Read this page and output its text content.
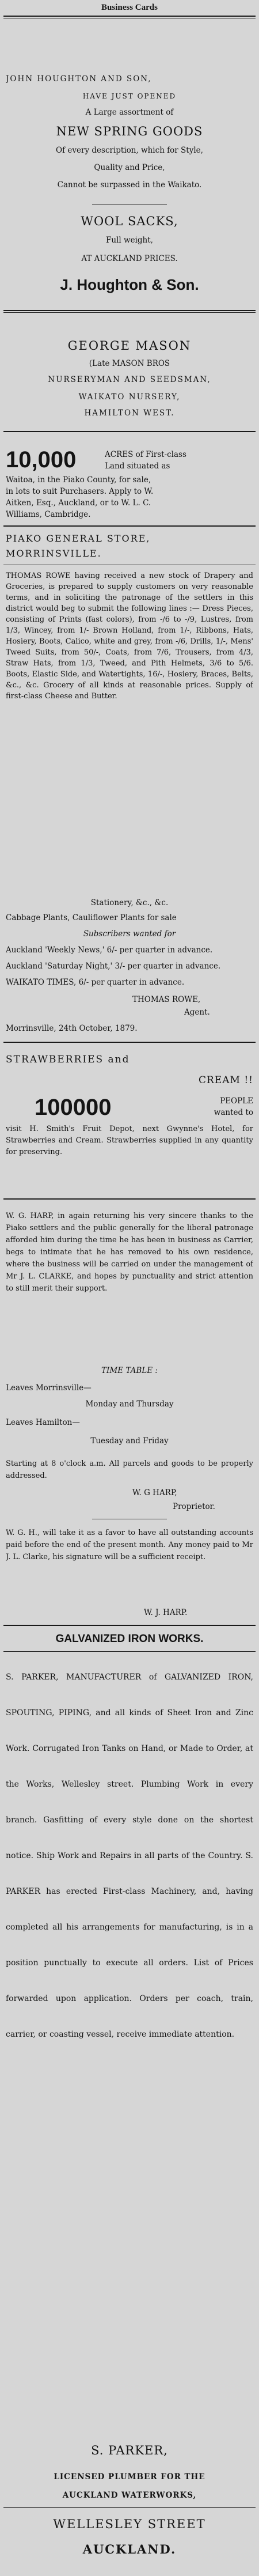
Business Cards
JOHN HOUGHTON AND SON,
HAVE JUST OPENED
A Large assortment of
NEW SPRING GOODS
Of every description, which for Style,
Quality and Price,
Cannot be surpassed in the Waikato.
WOOL SACKS,
Full weight,
AT AUCKLAND PRICES.
J. Houghton & Son.
GEORGE MASON
(Late MASON BROS
NURSERYMAN AND SEEDSMAN,
WAIKATO NURSERY,
HAMILTON WEST.
10,000	ACRES of First-class
Land situated as
Waitoa, in the Piako County, for sale,
in lots to suit Purchasers. Apply to W.
Aitken, Esq., Auckland, or to W. L. C.
Williams, Cambridge.
PIAKO GENERAL STORE,
MORRINSVILLE.
THOMAS ROWE having received a new stock of Drapery and Groceries, is prepared to supply customers on very reasonable terms, and in soliciting the patronage of the settlers in this district would beg to submit the following lines :— Dress Pieces, consisting of Prints (fast colors), from -/6 to -/9, Lustres, from 1/3, Wincey, from 1/- Brown Holland, from 1/-, Ribbons, Hats, Hosiery, Boots, Calico, white and grey, from -/6, Drills, 1/-, Mens' Tweed Suits, from 50/-, Coats, from 7/6, Trousers, from 4/3, Straw Hats, from 1/3, Tweed, and Pith Helmets, 3/6 to 5/6. Boots, Elastic Side, and Watertights, 16/-, Hosiery, Braces, Belts, &c., &c. Grocery of all kinds at reasonable prices. Supply of first-class Cheese and Butter.
Stationery, &c., &c.
Cabbage Plants, Cauliflower Plants for sale
Subscribers wanted for
Auckland 'Weekly News,' 6/- per quarter in advance.
Auckland 'Saturday Night,' 3/- per quarter in advance.
WAIKATO TIMES, 6/- per quarter in advance.
THOMAS ROWE,
Agent.
Morrinsville, 24th October, 1879.
STRAWBERRIES and
CREAM !!
100000	PEOPLE
wanted to
visit H. Smith's Fruit Depot, next Gwynne's Hotel, for Strawberries and Cream. Strawberries supplied in any quantity for preserving.
W. G. HARP, in again returning his very sincere thanks to the Piako settlers and the public generally for the liberal patronage afforded him during the time he has been in business as Carrier, begs to intimate that he has removed to his own residence, where the business will be carried on under the management of Mr J. L. CLARKE, and hopes by punctuality and strict attention to still merit their support.
TIME TABLE :
Leaves Morrinsville—
Monday and Thursday
Leaves Hamilton—
Tuesday and Friday
Starting at 8 o'clock a.m. All parcels and goods to be properly addressed.
W. G HARP,
Proprietor.
W. G. H., will take it as a favor to have all outstanding accounts paid before the end of the present month. Any money paid to Mr J. L. Clarke, his signature will be a sufficient receipt.
W. J. HARP.
GALVANIZED IRON WORKS.
S. PARKER, MANUFACTURER of GALVANIZED IRON, SPOUTING, PIPING, and all kinds of Sheet Iron and Zinc Work. Corrugated Iron Tanks on Hand, or Made to Order, at the Works, Wellesley street. Plumbing Work in every branch. Gasfitting of every style done on the shortest notice. Ship Work and Repairs in all parts of the Country. S. PARKER has erected First-class Machinery, and, having completed all his arrangements for manufacturing, is in a position punctually to execute all orders. List of Prices forwarded upon application. Orders per coach, train, carrier, or coasting vessel, receive immediate attention.
S. PARKER,
LICENSED PLUMBER FOR THE
AUCKLAND WATERWORKS,
WELLESLEY STREET
AUCKLAND.
